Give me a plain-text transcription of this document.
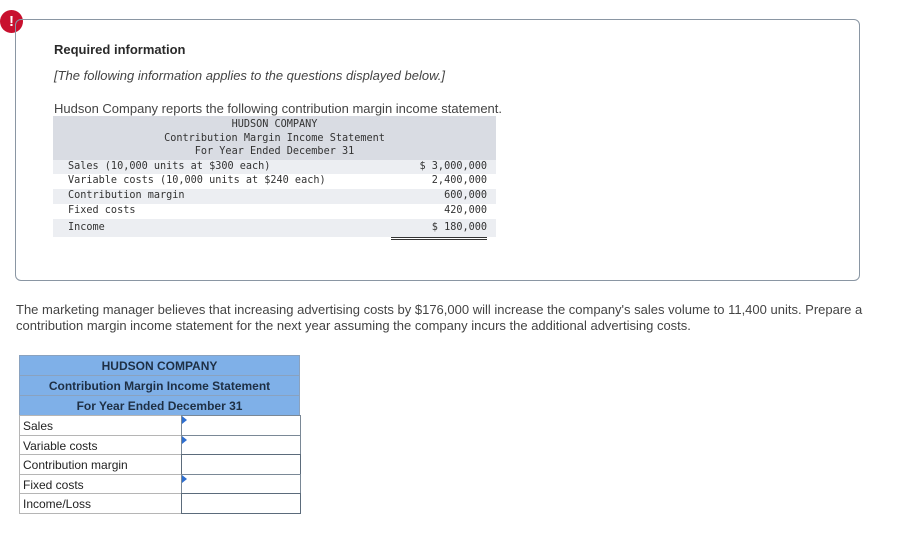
!
Required information
[The following information applies to the questions displayed below.]
Hudson Company reports the following contribution margin income statement.
HUDSON COMPANY
Contribution Margin Income Statement
For Year Ended December 31
Sales (10,000 units at $300 each)	$ 3,000,000
Variable costs (10,000 units at $240 each)	2,400,000
Contribution margin	600,000
Fixed costs	420,000
Income	$ 180,000
The marketing manager believes that increasing advertising costs by $176,000 will increase the company's sales volume to 11,400 units. Prepare a contribution margin income statement for the next year assuming the company incurs the additional advertising costs.
HUDSON COMPANY
Contribution Margin Income Statement
For Year Ended December 31
Sales
Variable costs
Contribution margin
Fixed costs
Income/Loss
